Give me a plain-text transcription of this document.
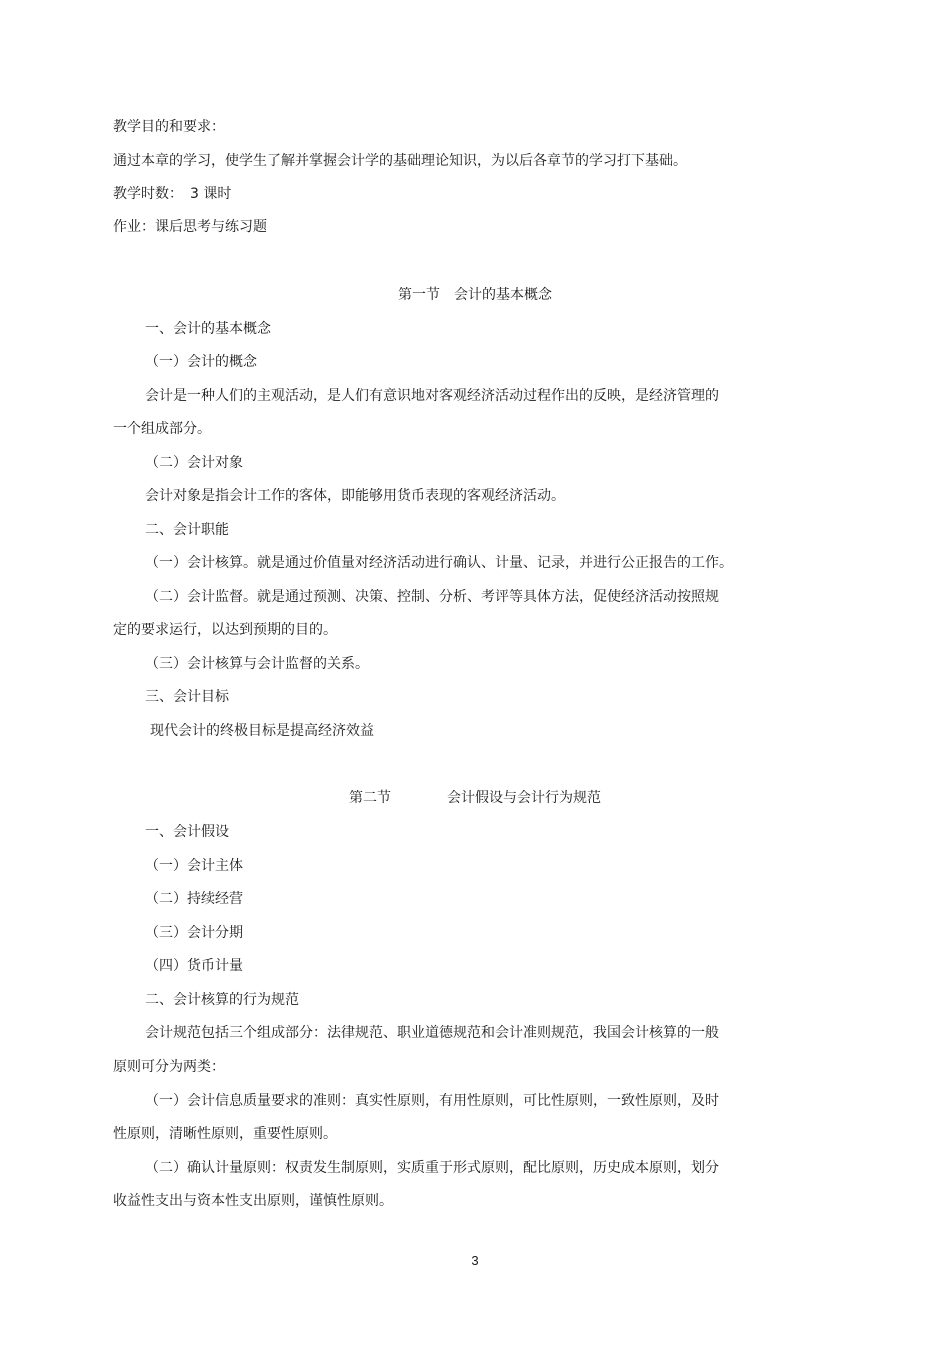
教学目的和要求：
通过本章的学习，使学生了解并掌握会计学的基础理论知识，为以后各章节的学习打下基础。
教学时数：　3 课时
作业：课后思考与练习题
第一节 会计的基本概念
一、会计的基本概念
（一）会计的概念
会计是一种人们的主观活动，是人们有意识地对客观经济活动过程作出的反映，是经济管理的
一个组成部分。
（二）会计对象
会计对象是指会计工作的客体，即能够用货币表现的客观经济活动。
二、会计职能
（一）会计核算。就是通过价值量对经济活动进行确认、计量、记录，并进行公正报告的工作。
（二）会计监督。就是通过预测、决策、控制、分析、考评等具体方法，促使经济活动按照规
定的要求运行，以达到预期的目的。
（三）会计核算与会计监督的关系。
三、会计目标
现代会计的终极目标是提高经济效益
第二节	会计假设与会计行为规范
一、会计假设
（一）会计主体
（二）持续经营
（三）会计分期
（四）货币计量
二、会计核算的行为规范
会计规范包括三个组成部分：法律规范、职业道德规范和会计准则规范，我国会计核算的一般
原则可分为两类：
（一）会计信息质量要求的准则：真实性原则，有用性原则，可比性原则，一致性原则，及时
性原则，清晰性原则，重要性原则。
（二）确认计量原则：权责发生制原则，实质重于形式原则，配比原则，历史成本原则，划分
收益性支出与资本性支出原则，谨慎性原则。
3
